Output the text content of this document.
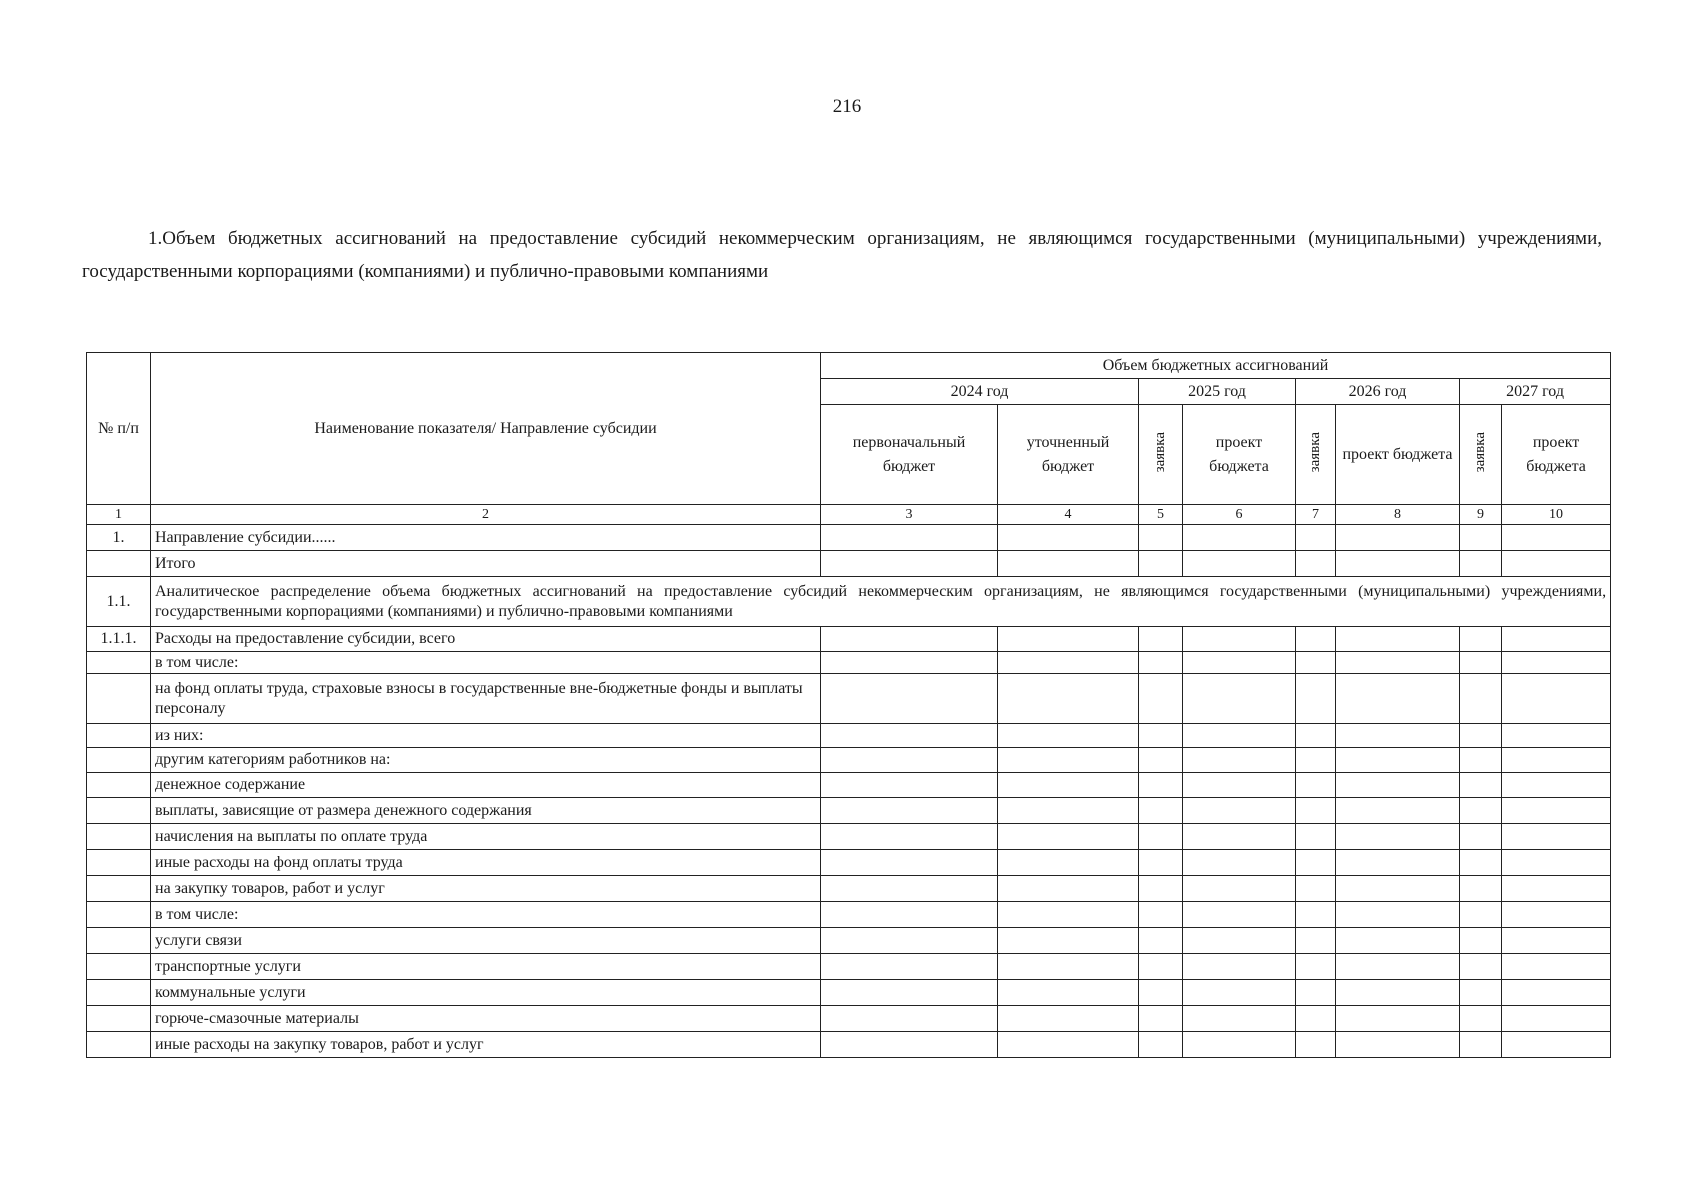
216
1.Объем бюджетных ассигнований на предоставление субсидий некоммерческим организациям, не являющимся государственными (муниципальными) учреждениями, государственными корпорациями (компаниями) и публично-правовыми компаниями
№ п/п	Наименование показателя/ Направление субсидии	Объем бюджетных ассигнований							
		2024 год		2025 год		2026 год		2027 год	
		первоначальный бюджет	уточненный бюджет	заявка	проект бюджета	заявка	проект бюджета	заявка	проект бюджета
1	2	3	4	5	6	7	8	9	10
1.	Направление субсидии......								
	Итого								
1.1.	Аналитическое распределение объема бюджетных ассигнований на предоставление субсидий некоммерческим организациям, не являющимся государственными (муниципальными) учреждениями, государственными корпорациями (компаниями) и публично-правовыми компаниями								
1.1.1.	Расходы на предоставление субсидии, всего								
	в том числе:								
	на фонд оплаты труда, страховые взносы в государственные вне-бюджетные фонды и выплаты персоналу								
	из них:								
	другим категориям работников на:								
	денежное содержание								
	выплаты, зависящие от размера денежного содержания								
	начисления на выплаты по оплате труда								
	иные расходы на фонд оплаты труда								
	на закупку товаров, работ и услуг								
	в том числе:								
	услуги связи								
	транспортные услуги								
	коммунальные услуги								
	горюче-смазочные материалы								
	иные расходы на закупку товаров, работ и услуг								
